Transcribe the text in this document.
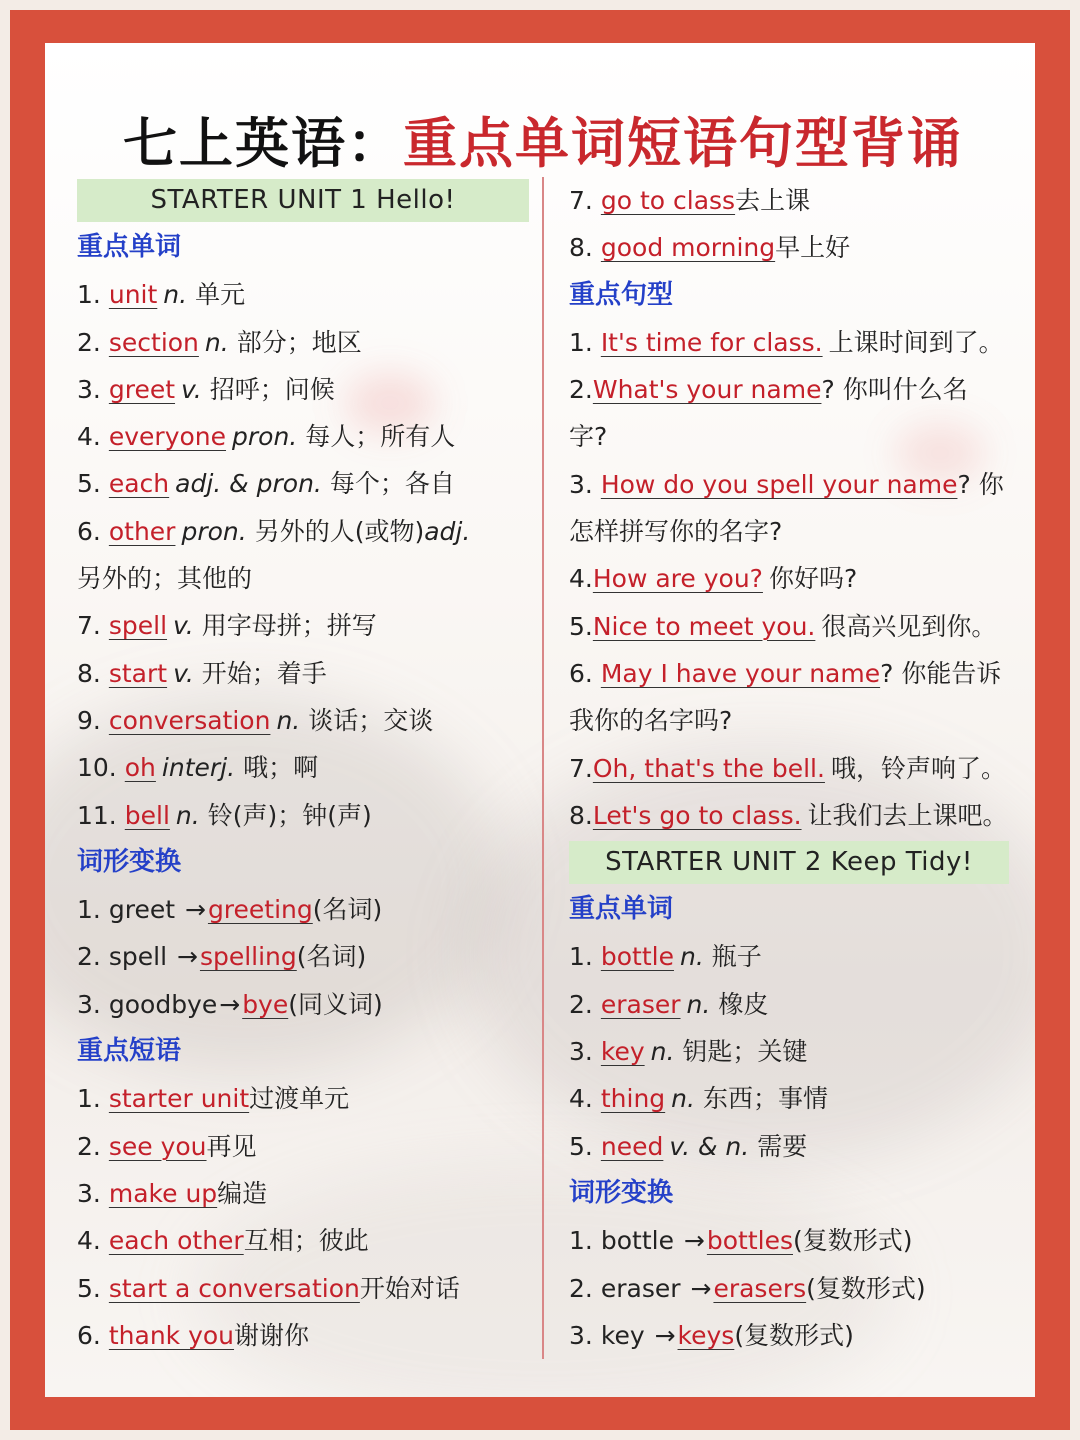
七上英语：重点单词短语句型背诵
STARTER UNIT 1 Hello!
重点单词
1. unit n. 单元
2. section n. 部分；地区
3. greet v. 招呼；问候
4. everyone pron. 每人；所有人
5. each adj. & pron. 每个；各自
6. other pron. 另外的人(或物)adj.
另外的；其他的
7. spell v. 用字母拼；拼写
8. start v. 开始；着手
9. conversation n. 谈话；交谈
10. oh interj. 哦；啊
11. bell n. 铃(声)；钟(声)
词形变换
1. greet →greeting(名词)
2. spell →spelling(名词)
3. goodbye→bye(同义词)
重点短语
1. starter unit过渡单元
2. see you再见
3. make up编造
4. each other互相；彼此
5. start a conversation开始对话
6. thank you谢谢你
7. go to class去上课
8. good morning早上好
重点句型
1. It's time for class. 上课时间到了。
2.What's your name? 你叫什么名
字?
3. How do you spell your name? 你
怎样拼写你的名字?
4.How are you? 你好吗?
5.Nice to meet you. 很高兴见到你。
6. May I have your name? 你能告诉
我你的名字吗?
7.Oh, that's the bell. 哦，铃声响了。
8.Let's go to class. 让我们去上课吧。
STARTER UNIT 2 Keep Tidy!
重点单词
1. bottle n. 瓶子
2. eraser n. 橡皮
3. key n. 钥匙；关键
4. thing n. 东西；事情
5. need v. & n. 需要
词形变换
1. bottle →bottles(复数形式)
2. eraser →erasers(复数形式)
3. key →keys(复数形式)
